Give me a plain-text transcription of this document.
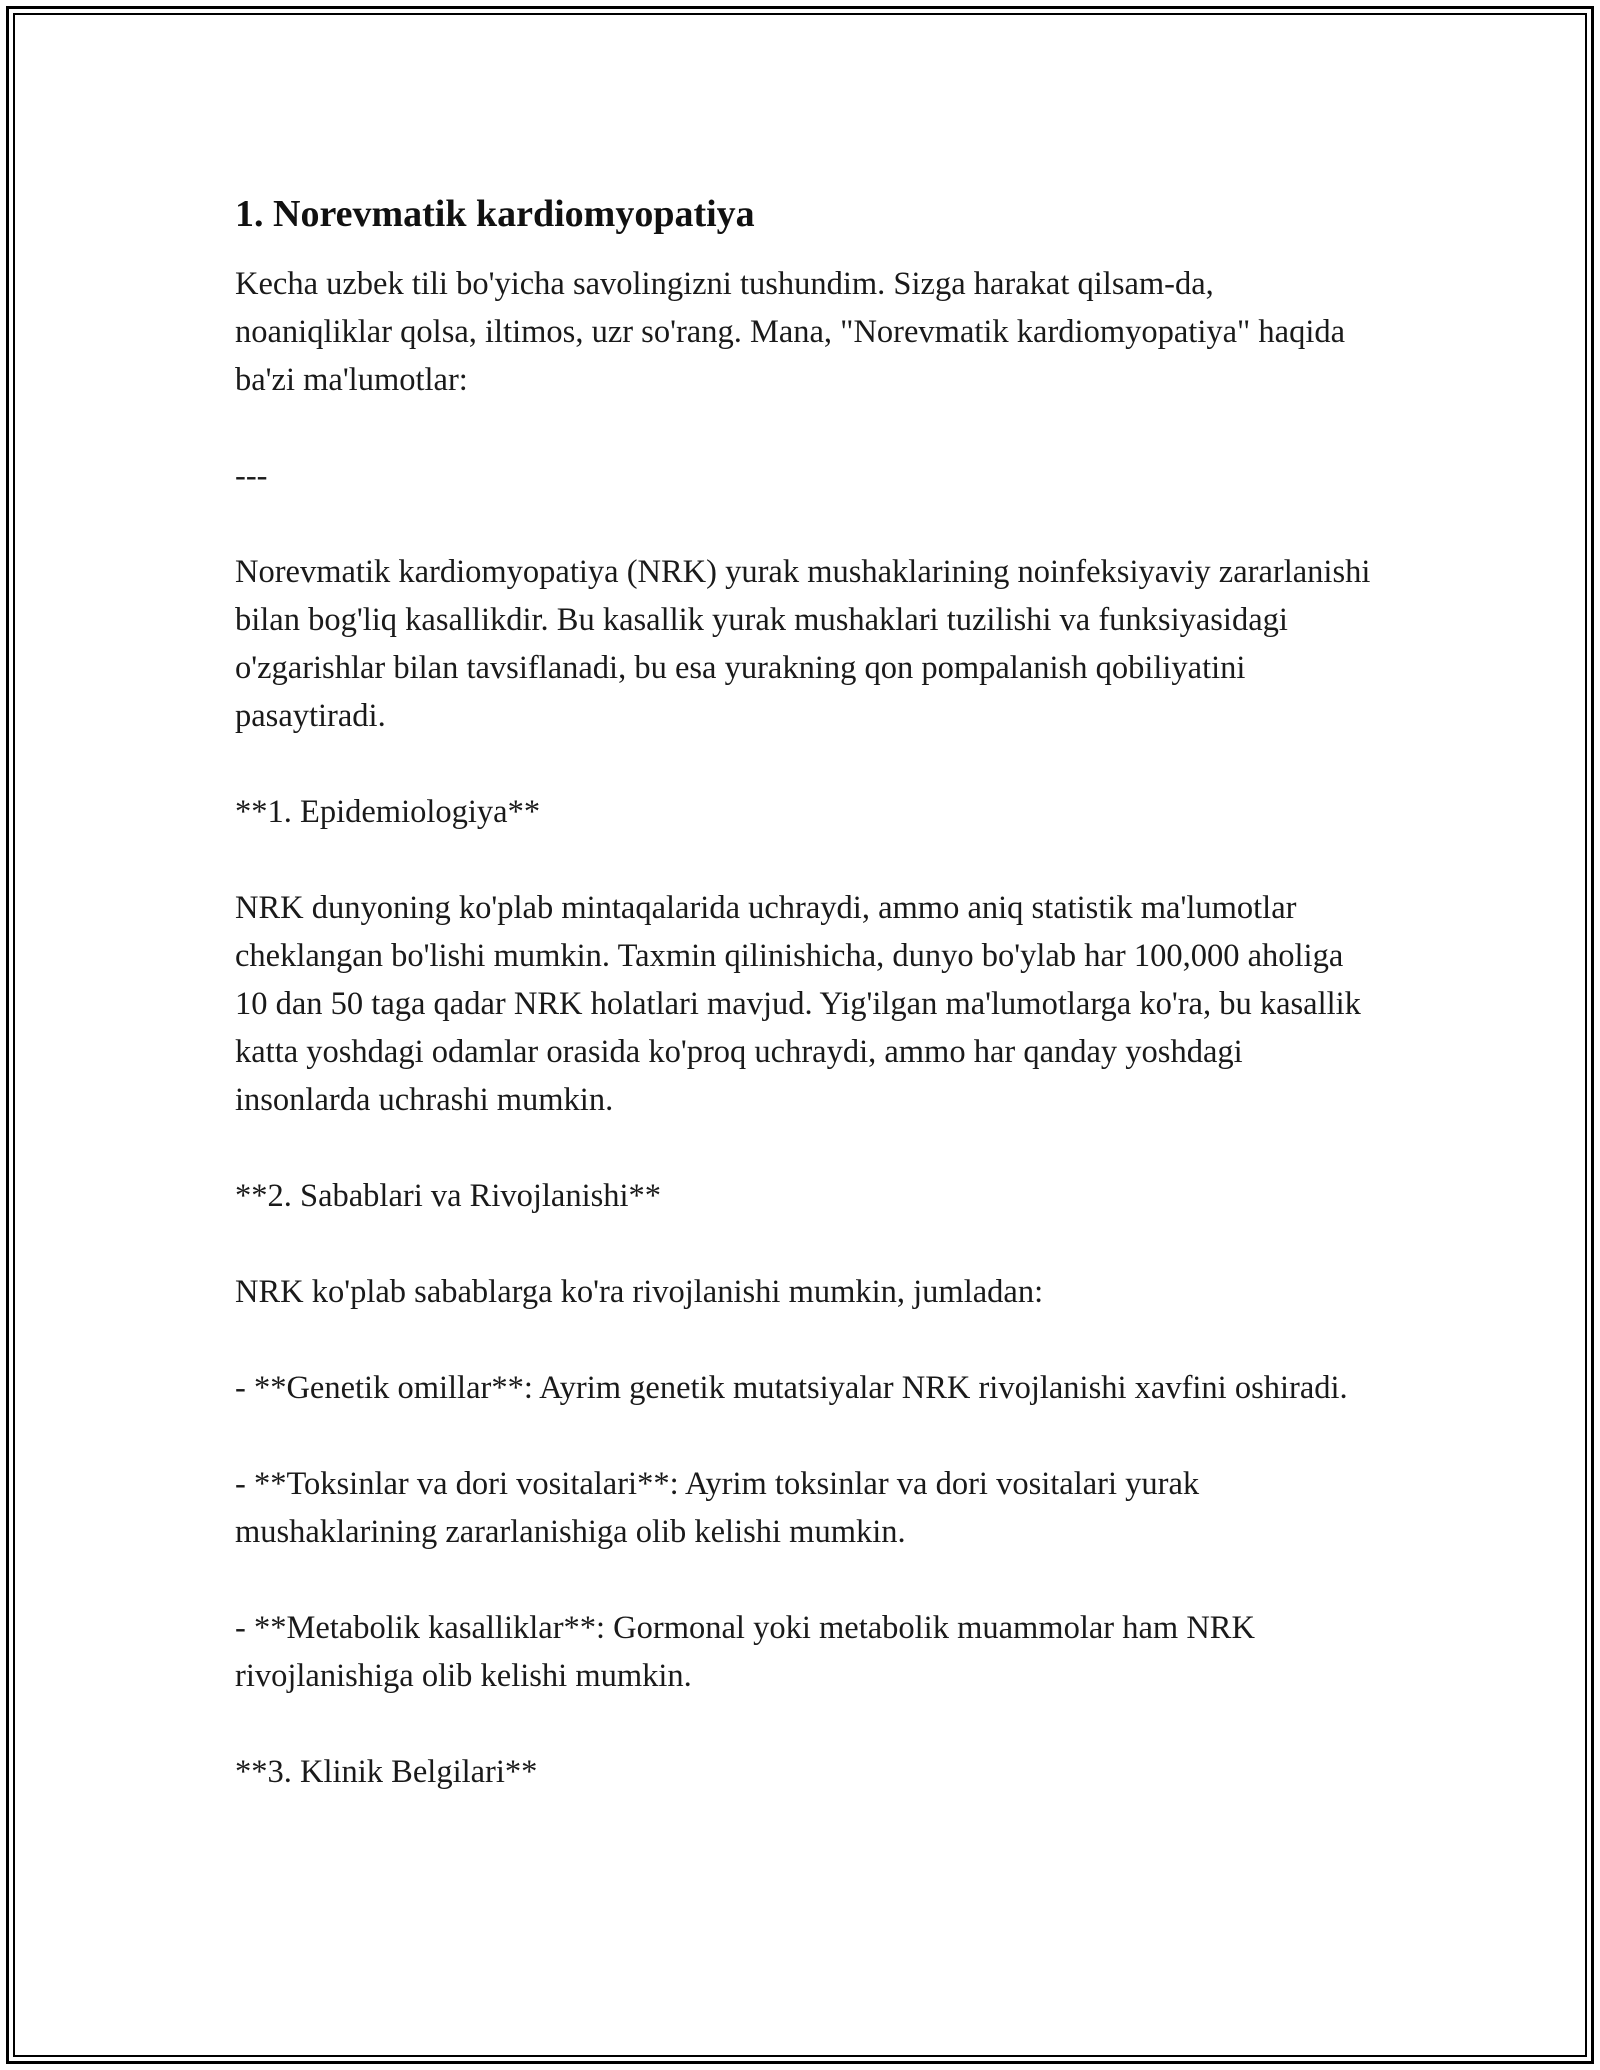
1. Norevmatik kardiomyopatiya
Kecha uzbek tili bo'yicha savolingizni tushundim. Sizga harakat qilsam-da, noaniqliklar qolsa, iltimos, uzr so'rang. Mana, "Norevmatik kardiomyopatiya" haqida ba'zi ma'lumotlar:
---
Norevmatik kardiomyopatiya (NRK) yurak mushaklarining noinfeksiyaviy zararlanishi bilan bog'liq kasallikdir. Bu kasallik yurak mushaklari tuzilishi va funksiyasidagi o'zgarishlar bilan tavsiflanadi, bu esa yurakning qon pompalanish qobiliyatini pasaytiradi.
**1. Epidemiologiya**
NRK dunyoning ko'plab mintaqalarida uchraydi, ammo aniq statistik ma'lumotlar cheklangan bo'lishi mumkin. Taxmin qilinishicha, dunyo bo'ylab har 100,000 aholiga 10 dan 50 taga qadar NRK holatlari mavjud. Yig'ilgan ma'lumotlarga ko'ra, bu kasallik katta yoshdagi odamlar orasida ko'proq uchraydi, ammo har qanday yoshdagi insonlarda uchrashi mumkin.
**2. Sabablari va Rivojlanishi**
NRK ko'plab sabablarga ko'ra rivojlanishi mumkin, jumladan:
- **Genetik omillar**: Ayrim genetik mutatsiyalar NRK rivojlanishi xavfini oshiradi.
- **Toksinlar va dori vositalari**: Ayrim toksinlar va dori vositalari yurak mushaklarining zararlanishiga olib kelishi mumkin.
- **Metabolik kasalliklar**: Gormonal yoki metabolik muammolar ham NRK rivojlanishiga olib kelishi mumkin.
**3. Klinik Belgilari**
